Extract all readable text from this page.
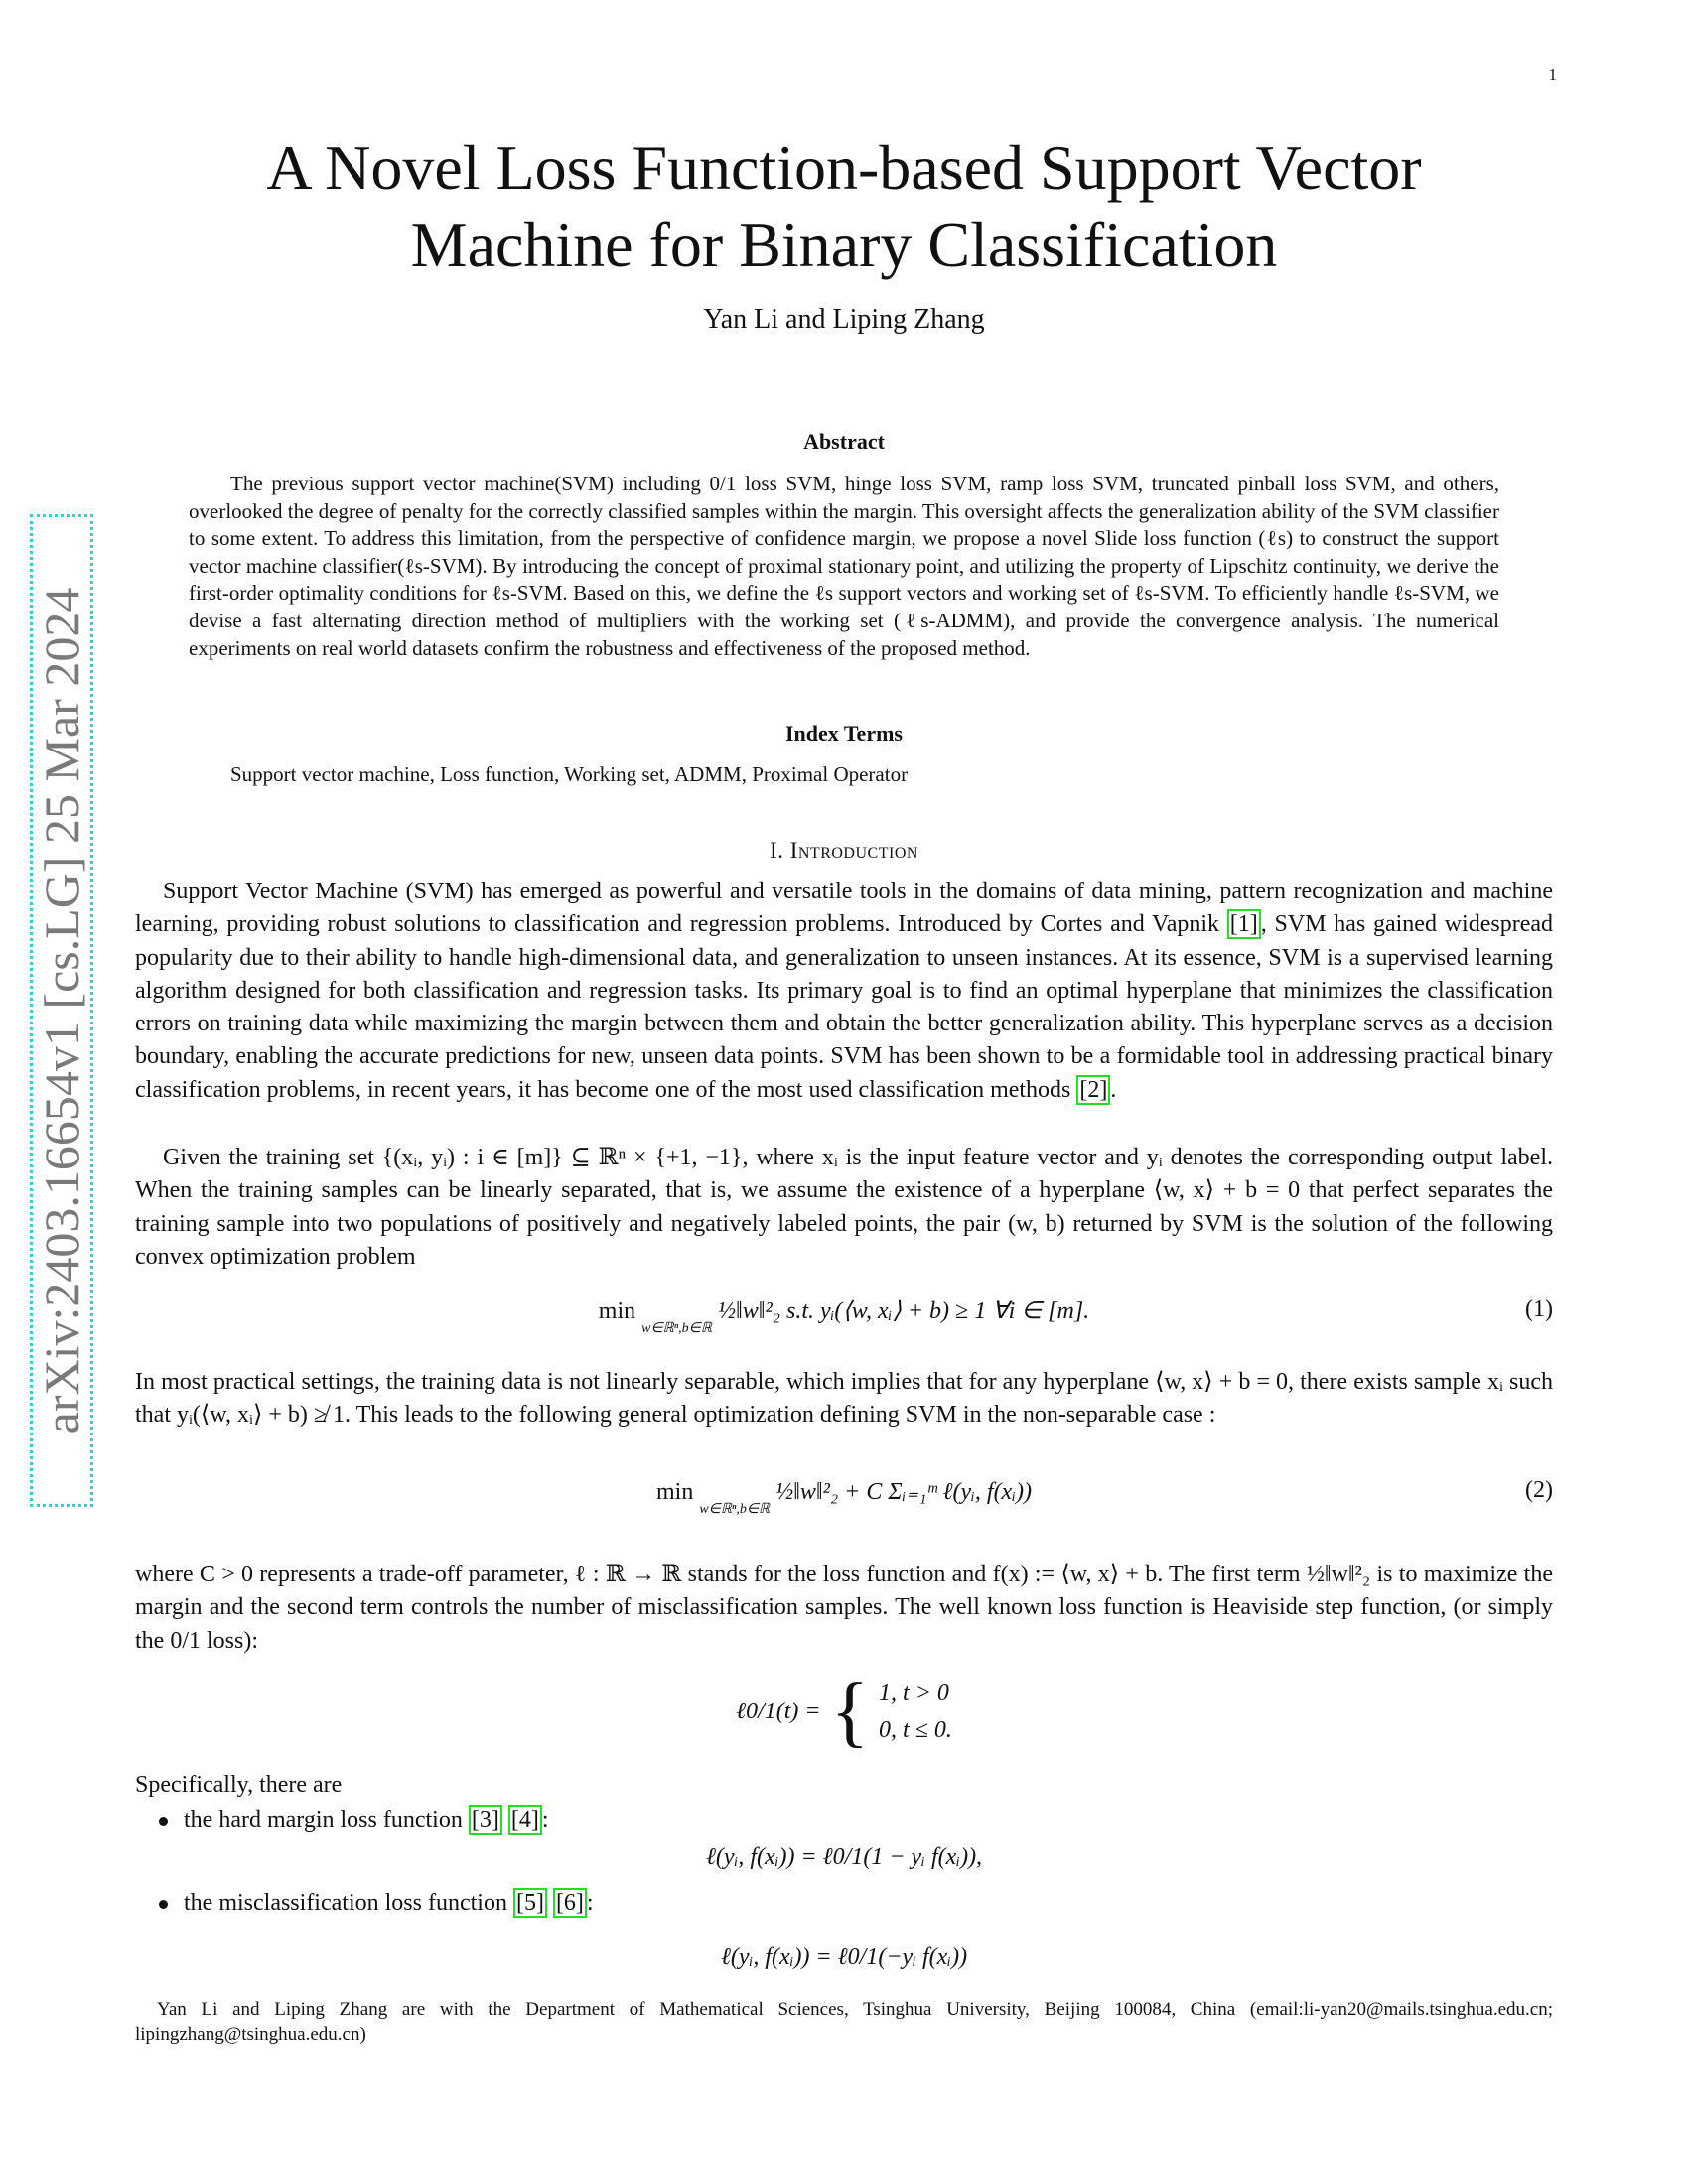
1
arXiv:2403.16654v1 [cs.LG] 25 Mar 2024
A Novel Loss Function-based Support Vector
Machine for Binary Classification
Yan Li and Liping Zhang
Abstract
The previous support vector machine(SVM) including 0/1 loss SVM, hinge loss SVM, ramp loss SVM, truncated pinball loss SVM, and others, overlooked the degree of penalty for the correctly classified samples within the margin. This oversight affects the generalization ability of the SVM classifier to some extent. To address this limitation, from the perspective of confidence margin, we propose a novel Slide loss function (ℓs) to construct the support vector machine classifier(ℓs-SVM). By introducing the concept of proximal stationary point, and utilizing the property of Lipschitz continuity, we derive the first-order optimality conditions for ℓs-SVM. Based on this, we define the ℓs support vectors and working set of ℓs-SVM. To efficiently handle ℓs-SVM, we devise a fast alternating direction method of multipliers with the working set (ℓs-ADMM), and provide the convergence analysis. The numerical experiments on real world datasets confirm the robustness and effectiveness of the proposed method.
Index Terms
Support vector machine, Loss function, Working set, ADMM, Proximal Operator
I. Introduction
Support Vector Machine (SVM) has emerged as powerful and versatile tools in the domains of data mining, pattern recognization and machine learning, providing robust solutions to classification and regression problems. Introduced by Cortes and Vapnik [1] , SVM has gained widespread popularity due to their ability to handle high-dimensional data, and generalization to unseen instances. At its essence, SVM is a supervised learning algorithm designed for both classification and regression tasks. Its primary goal is to find an optimal hyperplane that minimizes the classification errors on training data while maximizing the margin between them and obtain the better generalization ability. This hyperplane serves as a decision boundary, enabling the accurate predictions for new, unseen data points. SVM has been shown to be a formidable tool in addressing practical binary classification problems, in recent years, it has become one of the most used classification methods [2] .
Given the training set {(xᵢ, yᵢ) : i ∈ [m]} ⊆ ℝⁿ × {+1, −1}, where xᵢ is the input feature vector and yᵢ denotes the corresponding output label. When the training samples can be linearly separated, that is, we assume the existence of a hyperplane ⟨w, x⟩ + b = 0 that perfect separates the training sample into two populations of positively and negatively labeled points, the pair (w, b) returned by SVM is the solution of the following convex optimization problem
min $_{w\in ℝ^n,b\in ℝ}$ ½‖w‖²₂ s.t. yᵢ(⟨w, xᵢ⟩ + b) ≥ 1 ∀i ∈ [m].	(1)
In most practical settings, the training data is not linearly separable, which implies that for any hyperplane ⟨w, x⟩ + b = 0, there exists sample xᵢ such that yᵢ(⟨w, xᵢ⟩ + b) ≱ 1. This leads to the following general optimization defining SVM in the non-separable case :
min $_{w\in ℝ^n,b\in ℝ}$ ½‖w‖²₂ + C Σᵢ₌₁ᵐ ℓ(yᵢ, f(xᵢ))	(2)
where C > 0 represents a trade-off parameter, ℓ : ℝ → ℝ stands for the loss function and f(x) := ⟨w, x⟩ + b. The first term ½‖w‖²₂ is to maximize the margin and the second term controls the number of misclassification samples. The well known loss function is Heaviside step function, (or simply the 0/1 loss):
ℓ0/1(t) = { 1, t > 0
0, t ≤ 0.
Specifically, there are
the hard margin loss function [3] [4] :
ℓ(yᵢ, f(xᵢ)) = ℓ0/1(1 − yᵢ f(xᵢ)),
the misclassification loss function [5] [6] :
ℓ(yᵢ, f(xᵢ)) = ℓ0/1(−yᵢ f(xᵢ))
Yan Li and Liping Zhang are with the Department of Mathematical Sciences, Tsinghua University, Beijing 100084, China (email:li-yan20@mails.tsinghua.edu.cn; lipingzhang@tsinghua.edu.cn)
